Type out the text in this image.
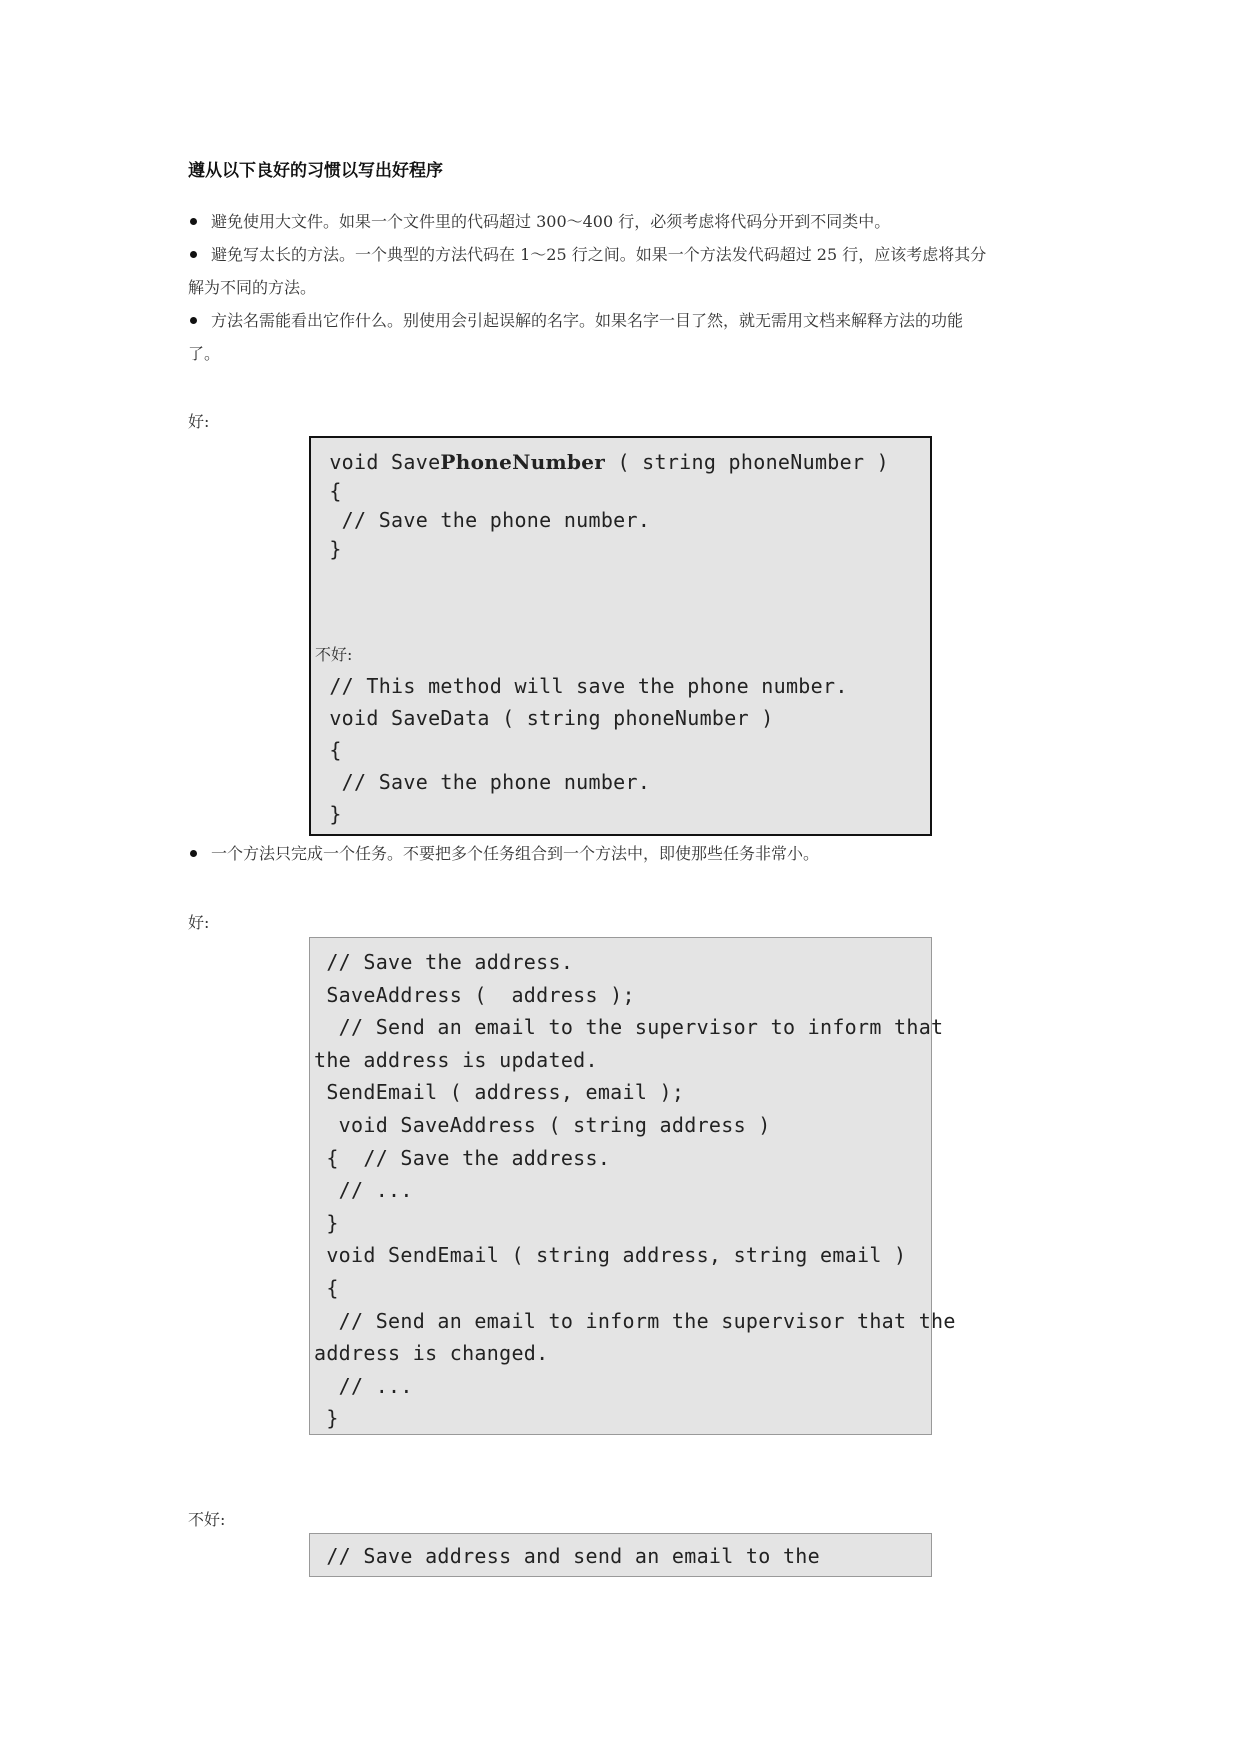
遵从以下良好的习惯以写出好程序
避免使用大文件。如果一个文件里的代码超过 300～400 行，必须考虑将代码分开到不同类中。
避免写太长的方法。一个典型的方法代码在 1～25 行之间。如果一个方法发代码超过 25 行，应该考虑将其分
解为不同的方法。
方法名需能看出它作什么。别使用会引起误解的名字。如果名字一目了然，就无需用文档来解释方法的功能
了。
好:
void SavePhoneNumber ( string phoneNumber )
{
// Save the phone number.
}
不好:
// This method will save the phone number.
void SaveData ( string phoneNumber )
{
// Save the phone number.
}
一个方法只完成一个任务。不要把多个任务组合到一个方法中，即使那些任务非常小。
好:
// Save the address.
SaveAddress (  address );
// Send an email to the supervisor to inform that
the address is updated.
SendEmail ( address, email );
void SaveAddress ( string address )
{  // Save the address.
// ...
}
void SendEmail ( string address, string email )
{
// Send an email to inform the supervisor that the
address is changed.
// ...
}
不好:
// Save address and send an email to the
